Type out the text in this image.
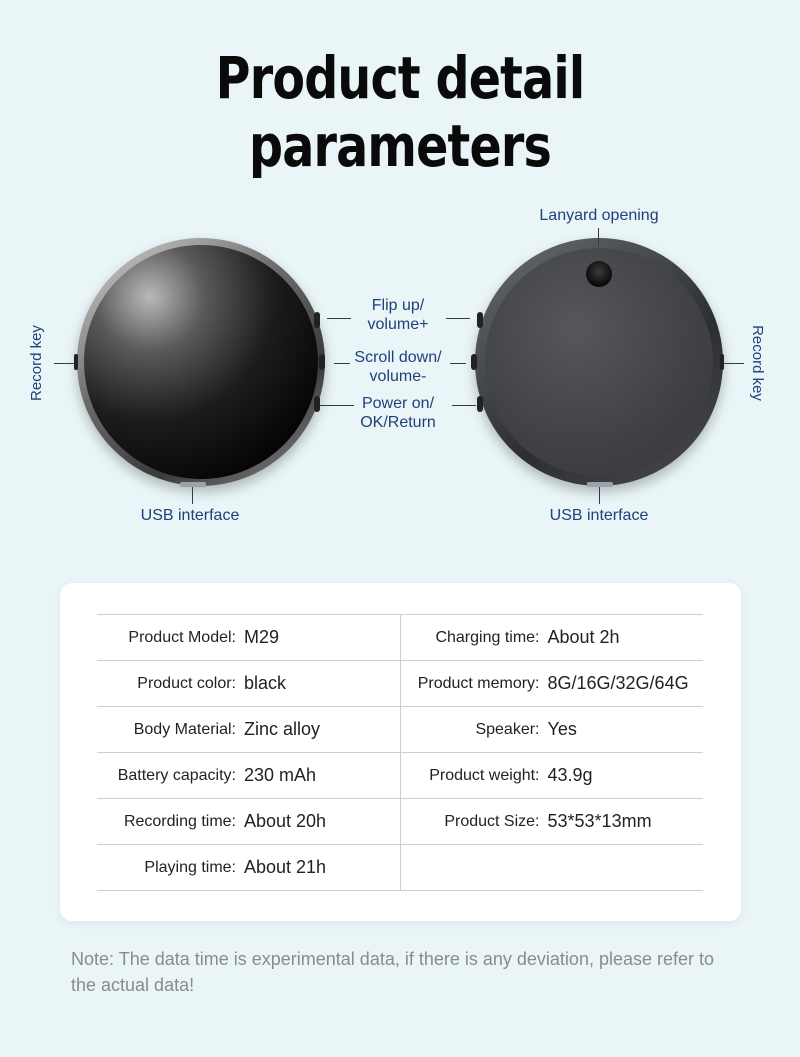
Product detail parameters
Lanyard opening
Flip up/
volume+
Scroll down/
volume-
Power on/
OK/Return
USB interface	USB interface
Record key	Record key
Product Model: M29	Charging time: About 2h
Product color: black	Product memory: 8G/16G/32G/64G
Body Material: Zinc alloy	Speaker: Yes
Battery capacity: 230 mAh	Product weight: 43.9g
Recording time: About 20h	Product Size: 53*53*13mm
Playing time: About 21h
Note: The data time is experimental data, if there is any deviation, please refer to the actual data!
